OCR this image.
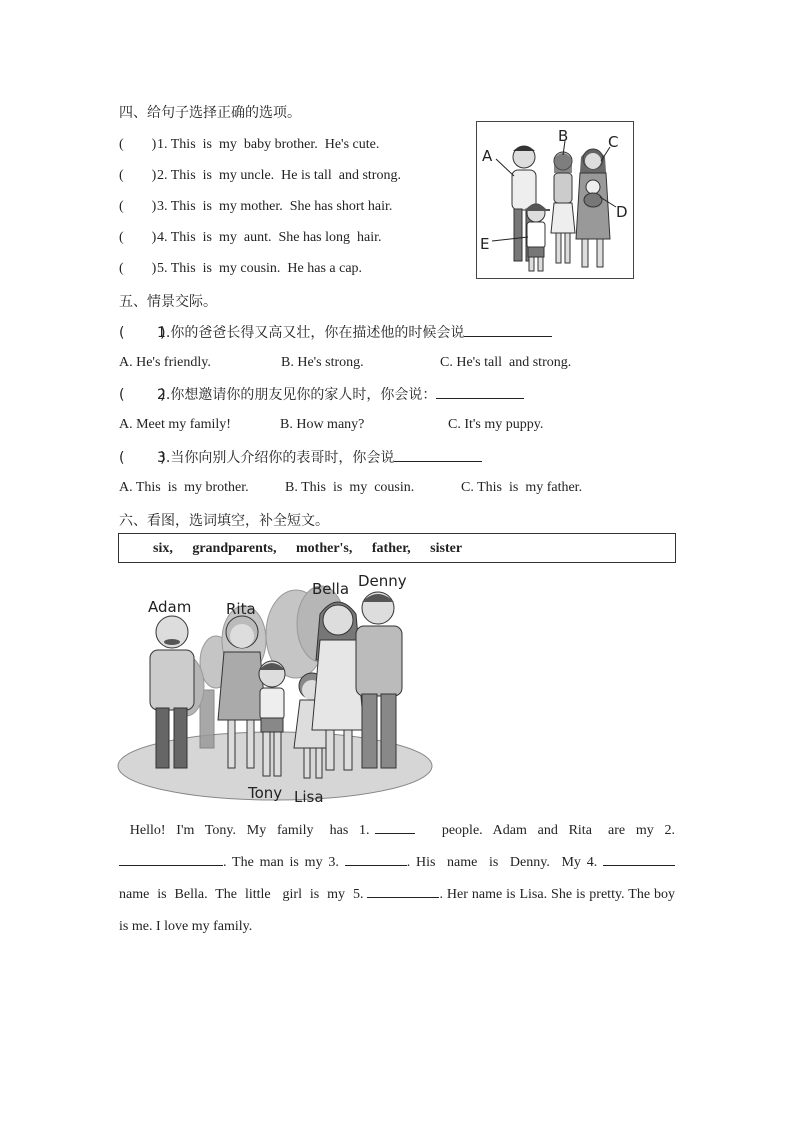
四、给句子选择正确的选项。
(        )1. This  is  my  baby brother.  He's cute.
(        )2. This  is  my uncle.  He is tall  and strong.
(        )3. This  is  my mother.  She has short hair.
(        )4. This  is  my  aunt.  She has long  hair.
(        )5. This  is  my cousin.  He has a cap.
A
B	C
D
E
五、情景交际。
(        )1.你的爸爸长得又高又壮，你在描述他的时候会说
A. He's friendly.	B. He's strong.	C. He's tall  and strong.
(        )2.你想邀请你的朋友见你的家人时，你会说：
A. Meet my family!	B. How many?	C. It's my puppy.
(        )3.当你向别人介绍你的表哥时，你会说
A. This  is  my brother.	B. This  is  my  cousin.	C. This  is  my father.
六、看图，选词填空，补全短文。
six, grandparents, mother's, father, sister
Adam Rita
Bella Denny
Tony Lisa
Hello!  I'm  Tony.  My  family   has  1.	people.  Adam  and  Rita   are  my  2. . The man is my 3.	. His  name  is  Denny.  My 4.  name  is  Bella.  The  little   girl  is  my  5.	. Her name is Lisa. She is pretty. The boy is me. I love my family.
